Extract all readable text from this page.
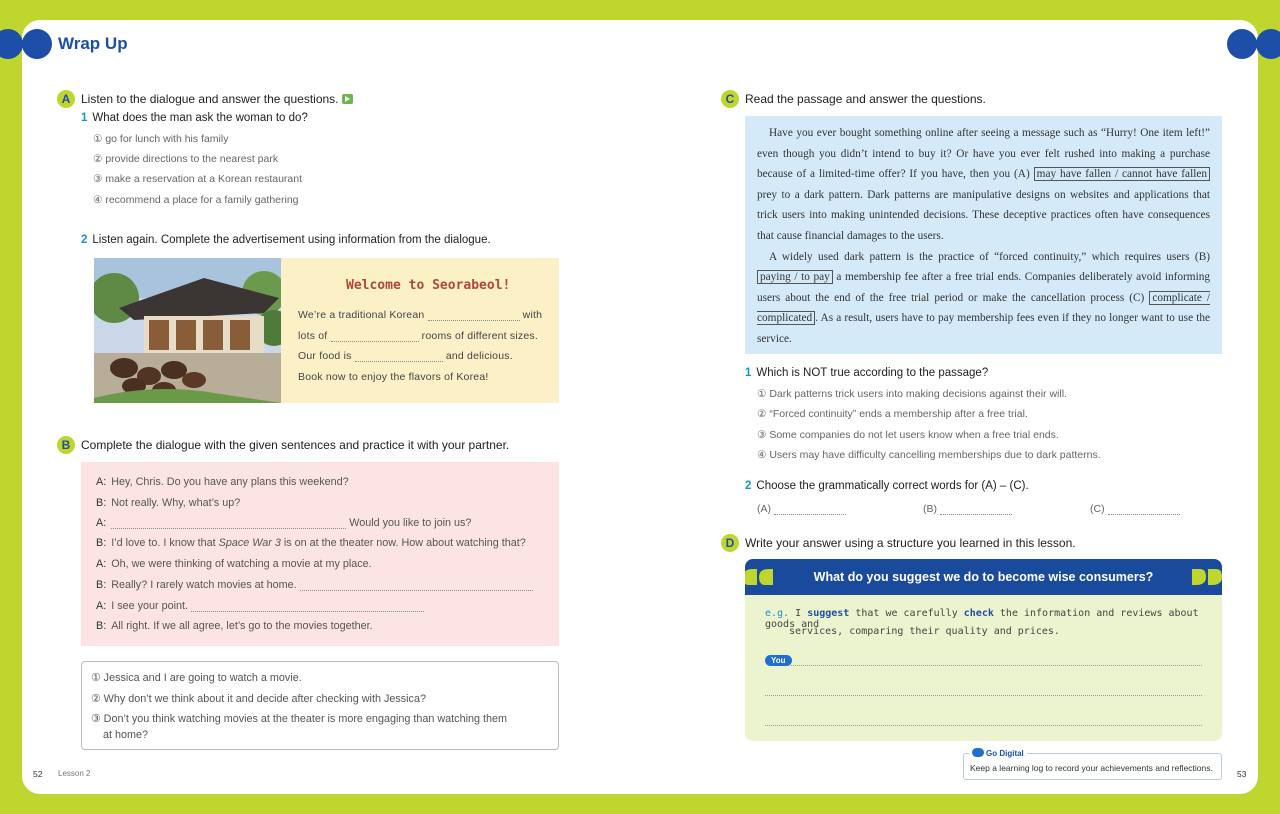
Wrap Up
A Listen to the dialogue and answer the questions.
1 What does the man ask the woman to do?
① go for lunch with his family
② provide directions to the nearest park
③ make a reservation at a Korean restaurant
④ recommend a place for a family gathering
2 Listen again. Complete the advertisement using information from the dialogue.
Welcome to Seorabeol!
We’re a traditional Korean	with
lots of	rooms of different sizes.
Our food is	and delicious.
Book now to enjoy the flavors of Korea!
B Complete the dialogue with the given sentences and practice it with your partner.
A: Hey, Chris. Do you have any plans this weekend?
B: Not really. Why, what’s up?
A:	Would you like to join us?
B: I’d love to. I know that Space War 3 is on at the theater now. How about watching that?
A: Oh, we were thinking of watching a movie at my place.
B: Really? I rarely watch movies at home.
A: I see your point.
B: All right. If we all agree, let’s go to the movies together.
① Jessica and I are going to watch a movie.
② Why don’t we think about it and decide after checking with Jessica?
③ Don’t you think watching movies at the theater is more engaging than watching them
at home?
C Read the passage and answer the questions.

Have you ever bought something online after seeing a message such as “Hurry! One item left!” even though you didn’t intend to buy it? Or have you ever felt rushed into making a purchase because of a limited-time offer? If you have, then you (A) may have fallen / cannot have fallen prey to a dark pattern. Dark patterns are manipulative designs on websites and applications that trick users into making unintended decisions. These deceptive practices often have consequences that cause financial damages to the users.

A widely used dark pattern is the practice of “forced continuity,” which requires users (B) paying / to pay a membership fee after a free trial ends. Companies deliberately avoid informing users about the end of the free trial period or make the cancellation process (C) complicate / complicated . As a result, users have to pay membership fees even if they no longer want to use the service.

1 Which is NOT true according to the passage?
① Dark patterns trick users into making decisions against their will.
② “Forced continuity” ends a membership after a free trial.
③ Some companies do not let users know when a free trial ends.
④ Users may have difficulty cancelling memberships due to dark patterns.
2 Choose the grammatically correct words for (A) – (C).
(A)	(B)	(C)
D Write your answer using a structure you learned in this lesson.
What do you suggest we do to become wise consumers?
e.g. I suggest that we carefully check the information and reviews about goods and
services, comparing their quality and prices.
You
Go Digital
Keep a learning log to record your achievements and reflections.
52 Lesson 2	53
